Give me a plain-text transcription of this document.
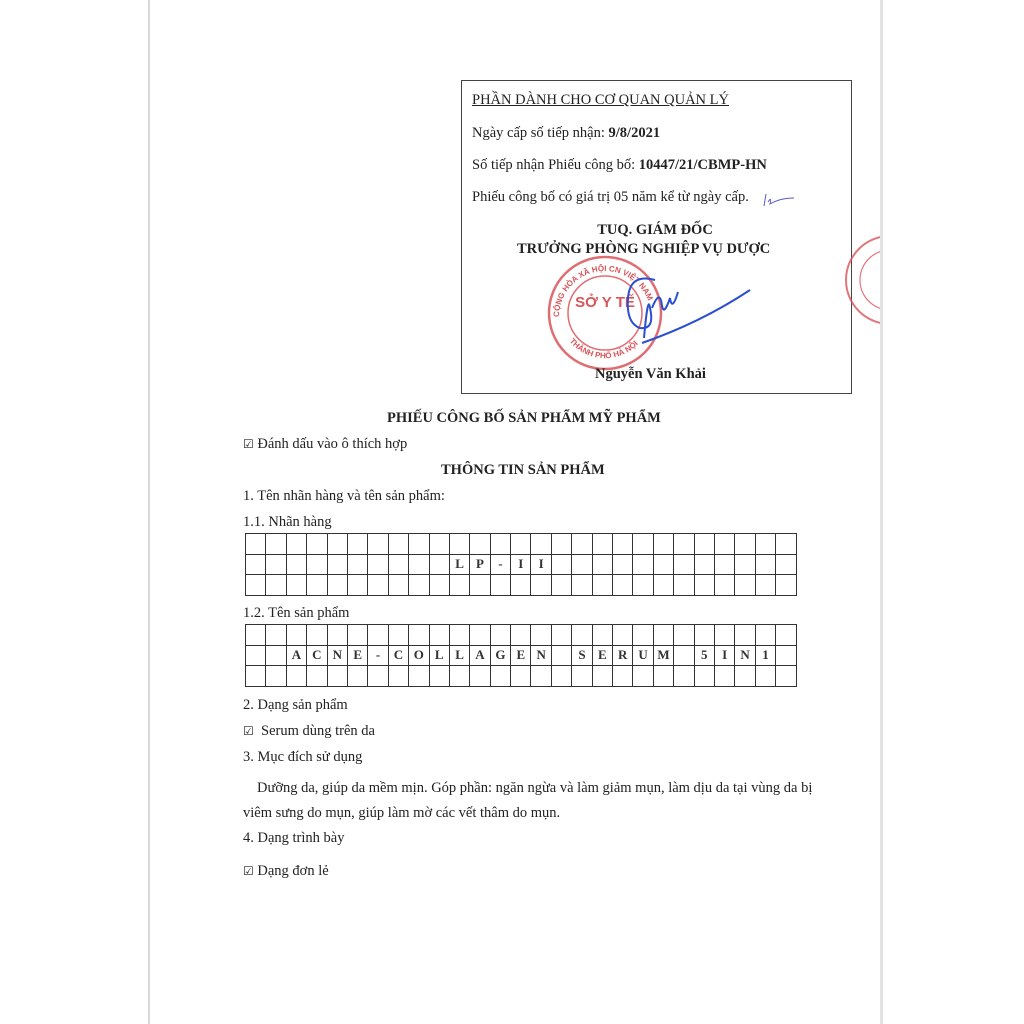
PHẦN DÀNH CHO CƠ QUAN QUẢN LÝ
Ngày cấp số tiếp nhận: 9/8/2021
Số tiếp nhận Phiếu công bố: 10447/21/CBMP-HN
Phiếu công bố có giá trị 05 năm kể từ ngày cấp.
TUQ. GIÁM ĐỐC
TRƯỞNG PHÒNG NGHIỆP VỤ DƯỢC
SỞ Y TẾ
CỘNG HÒA XÃ HỘI CN VIỆT NAM
THÀNH PHỐ HÀ NỘI
Nguyễn Văn Khải
PHIẾU CÔNG BỐ SẢN PHẨM MỸ PHẨM
☑ Đánh dấu vào ô thích hợp
THÔNG TIN SẢN PHẨM
1. Tên nhãn hàng và tên sản phẩm:
1.1. Nhãn hàng

										L	P	-	I	I												

1.2. Tên sản phẩm

		A	C	N	E	-	C	O	L	L	A	G	E	N		S	E	R	U	M		5	I	N	1	

2. Dạng sản phẩm
☑ Serum dùng trên da
3. Mục đích sử dụng
Dưỡng da, giúp da mềm mịn. Góp phần: ngăn ngừa và làm giảm mụn, làm dịu da tại vùng da bị
viêm sưng do mụn, giúp làm mờ các vết thâm do mụn.
4. Dạng trình bày
☑ Dạng đơn lẻ
